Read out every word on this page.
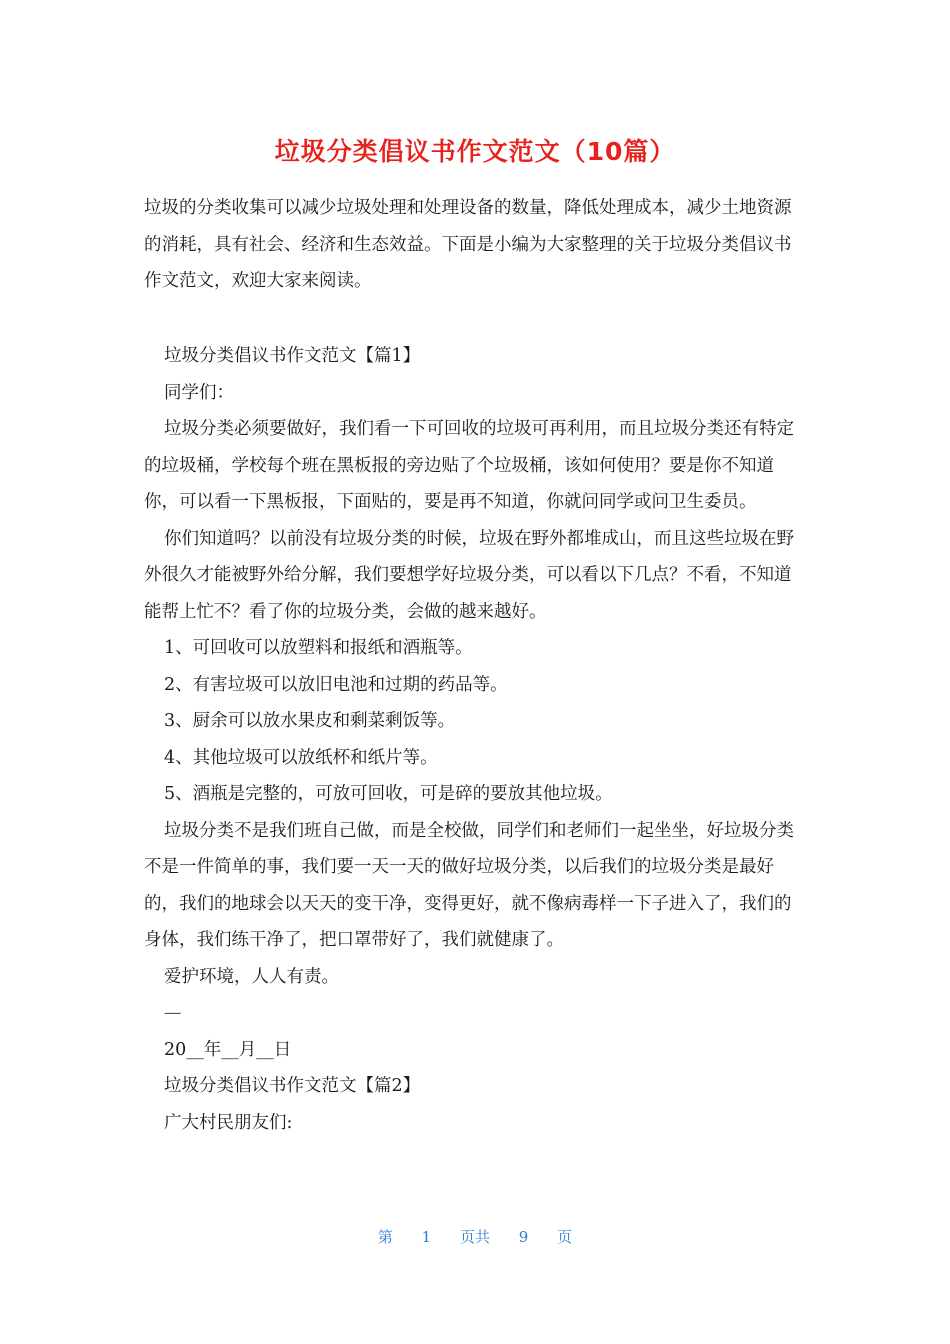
垃圾分类倡议书作文范文（10篇）

垃圾的分类收集可以减少垃圾处理和处理设备的数量，降低处理成本，减少土地资源的消耗，具有社会、经济和生态效益。下面是小编为大家整理的关于垃圾分类倡议书作文范文，欢迎大家来阅读。

垃圾分类倡议书作文范文【篇1】

同学们：

垃圾分类必须要做好，我们看一下可回收的垃圾可再利用，而且垃圾分类还有特定的垃圾桶，学校每个班在黑板报的旁边贴了个垃圾桶，该如何使用？要是你不知道你，可以看一下黑板报，下面贴的，要是再不知道，你就问同学或问卫生委员。

你们知道吗？以前没有垃圾分类的时候，垃圾在野外都堆成山，而且这些垃圾在野外很久才能被野外给分解，我们要想学好垃圾分类，可以看以下几点？不看，不知道能帮上忙不？看了你的垃圾分类，会做的越来越好。

1、可回收可以放塑料和报纸和酒瓶等。

2、有害垃圾可以放旧电池和过期的药品等。

3、厨余可以放水果皮和剩菜剩饭等。

4、其他垃圾可以放纸杯和纸片等。

5、酒瓶是完整的，可放可回收，可是碎的要放其他垃圾。

垃圾分类不是我们班自己做，而是全校做，同学们和老师们一起坐坐，好垃圾分类不是一件简单的事，我们要一天一天的做好垃圾分类，以后我们的垃圾分类是最好的，我们的地球会以天天的变干净，变得更好，就不像病毒样一下子进入了，我们的身体，我们练干净了，把口罩带好了，我们就健康了。

爱护环境，人人有责。

—

20__年__月__日

垃圾分类倡议书作文范文【篇2】

广大村民朋友们:

第 1 页共 9 页
